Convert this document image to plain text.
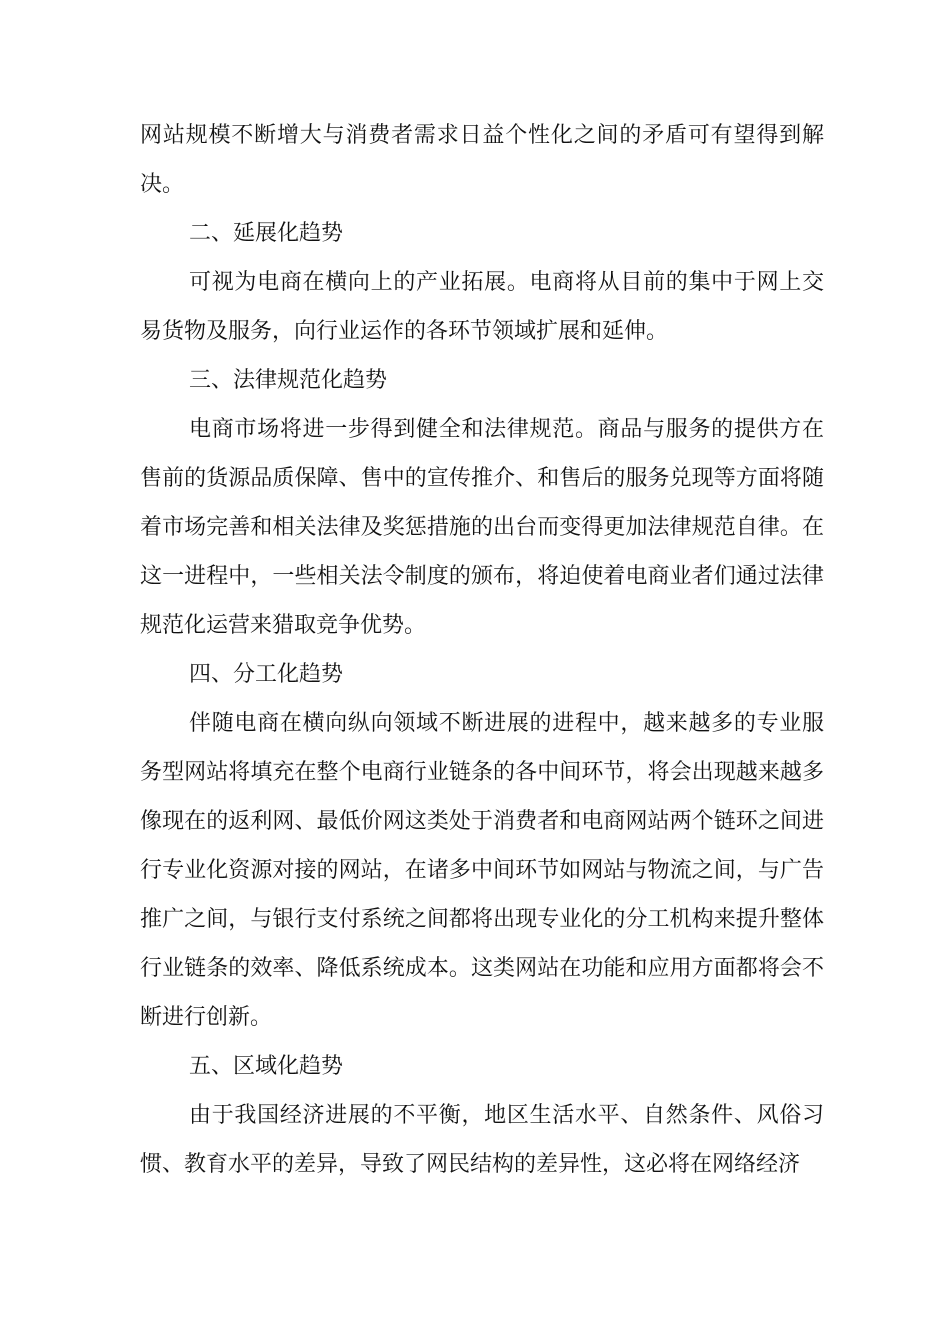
网站规模不断增大与消费者需求日益个性化之间的矛盾可有望得到解决。

二、延展化趋势

可视为电商在横向上的产业拓展。电商将从目前的集中于网上交易货物及服务，向行业运作的各环节领域扩展和延伸。

三、法律规范化趋势

电商市场将进一步得到健全和法律规范。商品与服务的提供方在售前的货源品质保障、售中的宣传推介、和售后的服务兑现等方面将随着市场完善和相关法律及奖惩措施的出台而变得更加法律规范自律。在这一进程中，一些相关法令制度的颁布，将迫使着电商业者们通过法律规范化运营来猎取竞争优势。

四、分工化趋势

伴随电商在横向纵向领域不断进展的进程中，越来越多的专业服务型网站将填充在整个电商行业链条的各中间环节，将会出现越来越多像现在的返利网、最低价网这类处于消费者和电商网站两个链环之间进行专业化资源对接的网站，在诸多中间环节如网站与物流之间，与广告推广之间，与银行支付系统之间都将出现专业化的分工机构来提升整体行业链条的效率、降低系统成本。这类网站在功能和应用方面都将会不断进行创新。

五、区域化趋势

由于我国经济进展的不平衡，地区生活水平、自然条件、风俗习惯、教育水平的差异，导致了网民结构的差异性，这必将在网络经济
